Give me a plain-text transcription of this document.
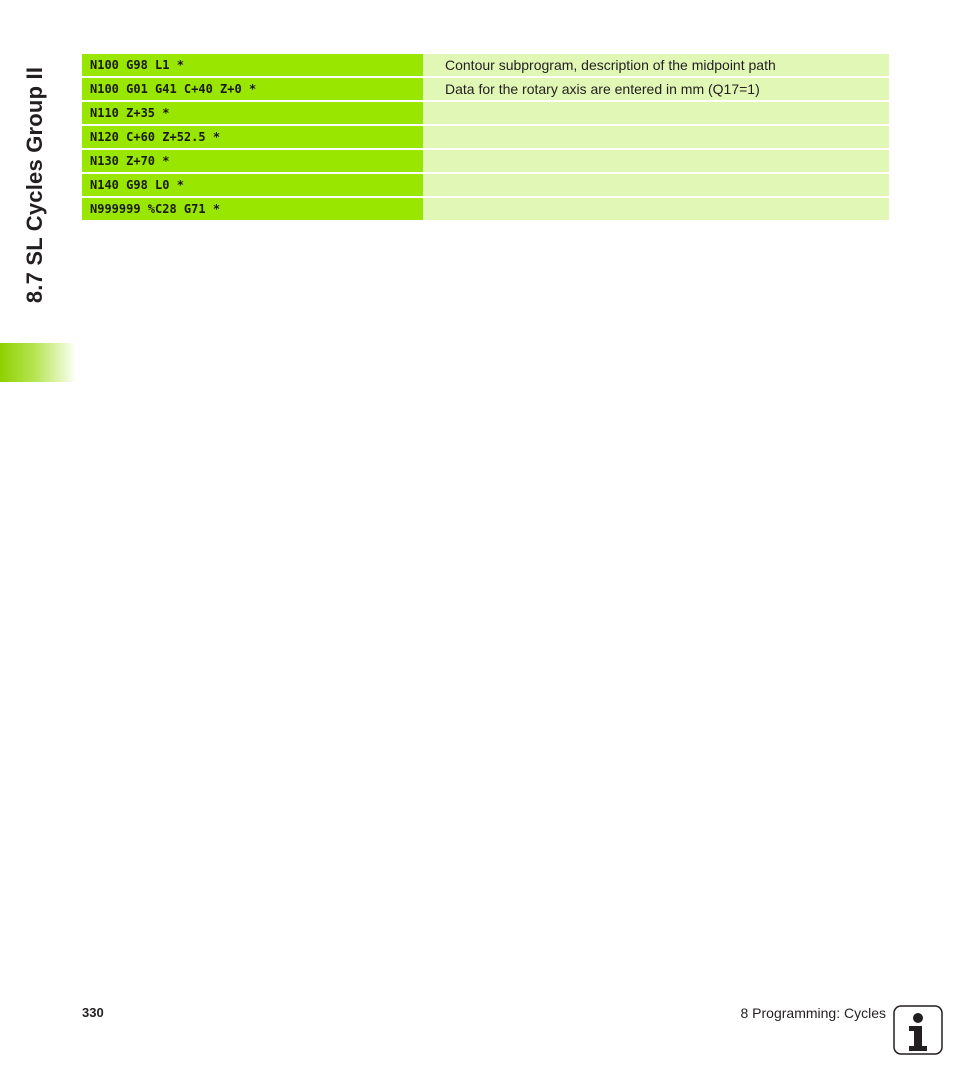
8.7 SL Cycles Group II
N100 G98 L1 *	Contour subprogram, description of the midpoint path
N100 G01 G41 C+40 Z+0 *	Data for the rotary axis are entered in mm (Q17=1)
N110 Z+35 *
N120 C+60 Z+52.5 *
N130 Z+70 *
N140 G98 L0 *
N999999 %C28 G71 *
330	8 Programming: Cycles
